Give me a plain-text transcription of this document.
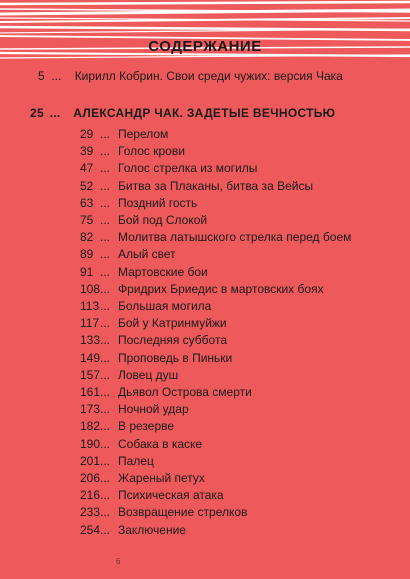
СОДЕРЖАНИЕ
5 ... Кирилл Кобрин. Свои среди чужих: версия Чака
25 ... АЛЕКСАНДР ЧАК. ЗАДЕТЫЕ ВЕЧНОСТЬЮ
29 ... Перелом
39 ... Голос крови
47 ... Голос стрелка из могилы
52 ... Битва за Плаканы, битва за Вейсы
63 ... Поздний гость
75 ... Бой под Слокой
82 ... Молитва латышского стрелка перед боем
89 ... Алый свет
91 ... Мартовские бои
108... Фридрих Бриедис в мартовских боях
113... Большая могила
117... Бой у Катринмуйжи
133... Последняя суббота
149... Проповедь в Пиньки
157... Ловец душ
161... Дьявол Острова смерти
173... Ночной удар
182... В резерве
190... Собака в каске
201... Палец
206... Жареный петух
216... Психическая атака
233... Возвращение стрелков
254... Заключение
6
